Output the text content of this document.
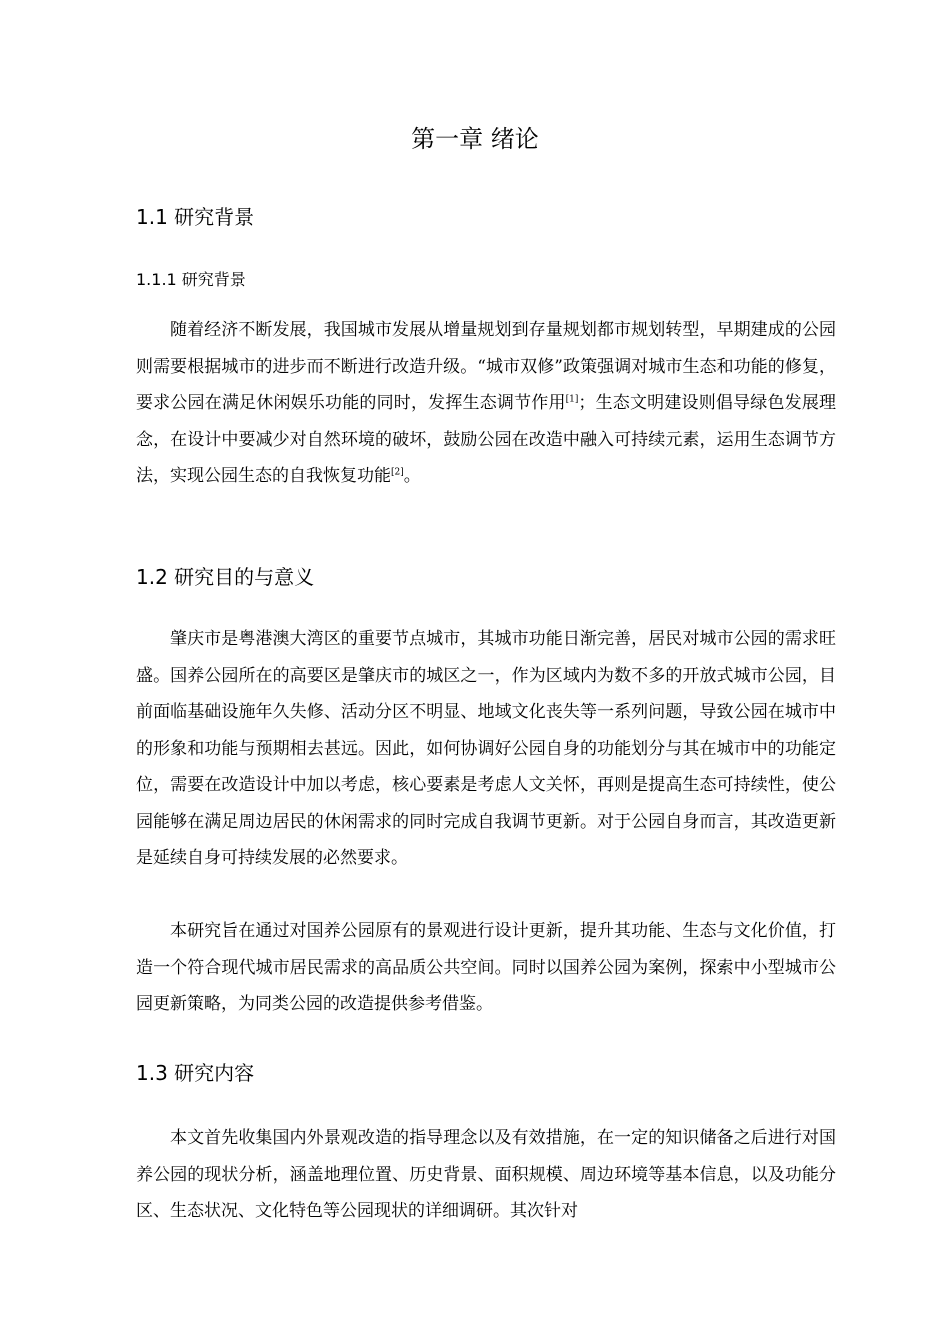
第一章 绪论
1.1 研究背景
1.1.1 研究背景

随着经济不断发展，我国城市发展从增量规划到存量规划都市规划转型，早期建成的公园则需要根据城市的进步而不断进行改造升级。“城市双修”政策强调对城市生态和功能的修复，要求公园在满足休闲娱乐功能的同时，发挥生态调节作用[1]；生态文明建设则倡导绿色发展理念，在设计中要减少对自然环境的破坏，鼓励公园在改造中融入可持续元素，运用生态调节方法，实现公园生态的自我恢复功能[2]。

1.2 研究目的与意义

肇庆市是粤港澳大湾区的重要节点城市，其城市功能日渐完善，居民对城市公园的需求旺盛。国养公园所在的高要区是肇庆市的城区之一，作为区域内为数不多的开放式城市公园，目前面临基础设施年久失修、活动分区不明显、地域文化丧失等一系列问题，导致公园在城市中的形象和功能与预期相去甚远。因此，如何协调好公园自身的功能划分与其在城市中的功能定位，需要在改造设计中加以考虑，核心要素是考虑人文关怀，再则是提高生态可持续性，使公园能够在满足周边居民的休闲需求的同时完成自我调节更新。对于公园自身而言，其改造更新是延续自身可持续发展的必然要求。

本研究旨在通过对国养公园原有的景观进行设计更新，提升其功能、生态与文化价值，打造一个符合现代城市居民需求的高品质公共空间。同时以国养公园为案例，探索中小型城市公园更新策略，为同类公园的改造提供参考借鉴。

1.3 研究内容

本文首先收集国内外景观改造的指导理念以及有效措施，在一定的知识储备之后进行对国养公园的现状分析，涵盖地理位置、历史背景、面积规模、周边环境等基本信息，以及功能分区、生态状况、文化特色等公园现状的详细调研。其次针对
